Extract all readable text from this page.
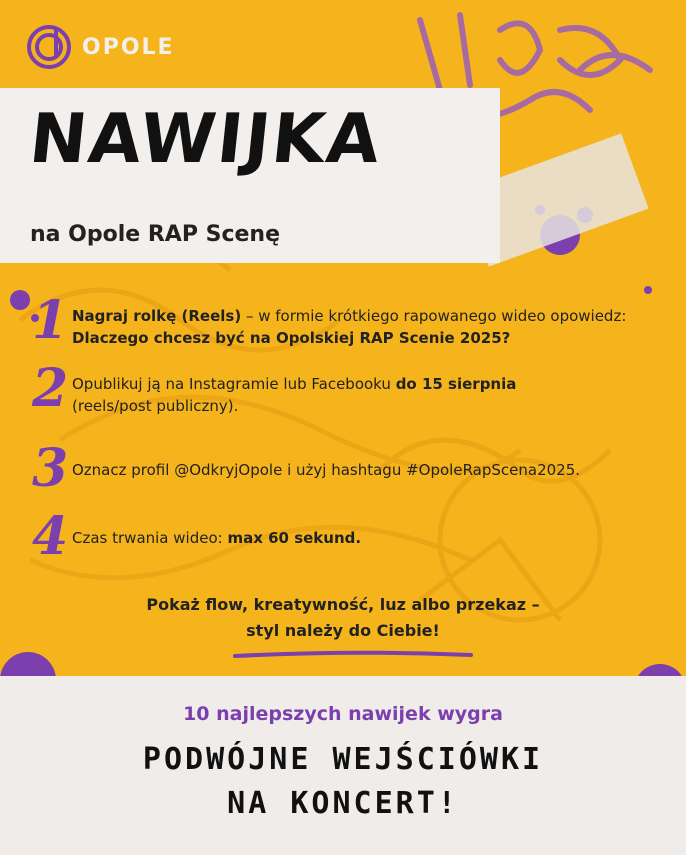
OPOLE
NAWIJKA
na Opole RAP Scenę
1 Nagraj rolkę (Reels) – w formie krótkiego rapowanego wideo opowiedz:
Dlaczego chcesz być na Opolskiej RAP Scenie 2025?
2 Opublikuj ją na Instagramie lub Facebooku do 15 sierpnia
(reels/post publiczny).
3 Oznacz profil @OdkryjOpole i użyj hashtagu #OpoleRapScena2025.
4 Czas trwania wideo: max 60 sekund.
Pokaż flow, kreatywność, luz albo przekaz –
styl należy do Ciebie!
10 najlepszych nawijek wygra
PODWÓJNE WEJŚCIÓWKI
NA KONCERT!
